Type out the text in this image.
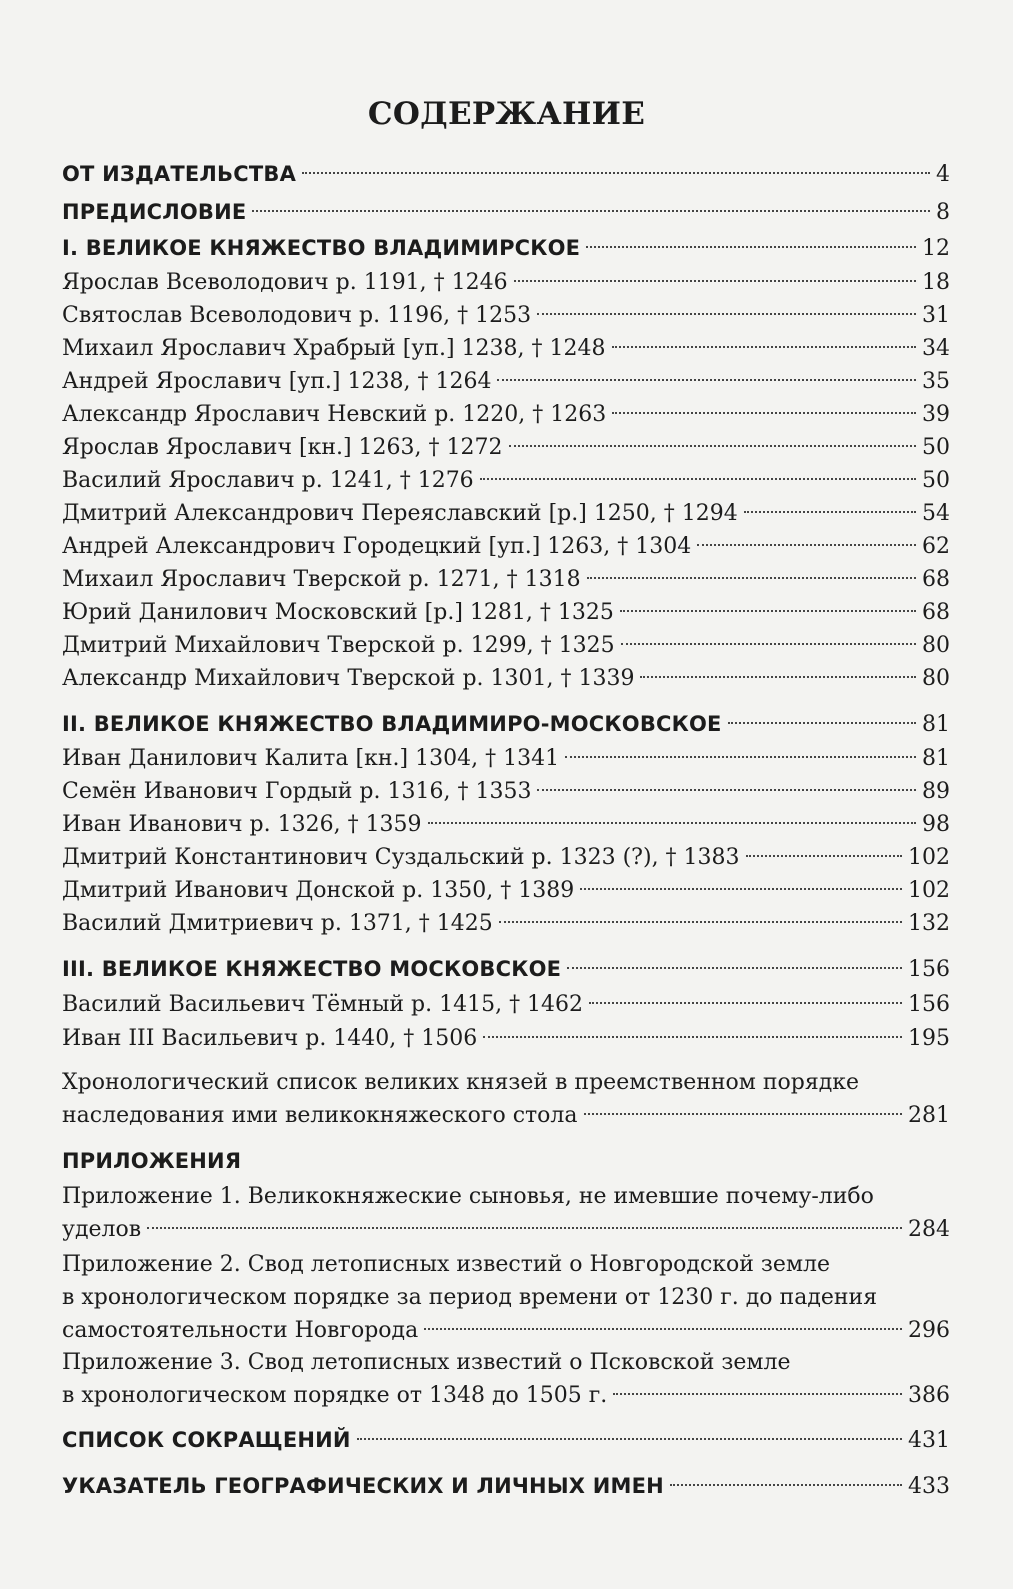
СОДЕРЖАНИЕ
ОТ ИЗДАТЕЛЬСТВА	4
ПРЕДИСЛОВИЕ	8
I. ВЕЛИКОЕ КНЯЖЕСТВО ВЛАДИМИРСКОЕ	12
Ярослав Всеволодович р. 1191, † 1246	18
Святослав Всеволодович р. 1196, † 1253	31
Михаил Ярославич Храбрый [уп.] 1238, † 1248	34
Андрей Ярославич [уп.] 1238, † 1264	35
Александр Ярославич Невский р. 1220, † 1263	39
Ярослав Ярославич [кн.] 1263, † 1272	50
Василий Ярославич р. 1241, † 1276	50
Дмитрий Александрович Переяславский [р.] 1250, † 1294	54
Андрей Александрович Городецкий [уп.] 1263, † 1304	62
Михаил Ярославич Тверской р. 1271, † 1318	68
Юрий Данилович Московский [р.] 1281, † 1325	68
Дмитрий Михайлович Тверской р. 1299, † 1325	80
Александр Михайлович Тверской р. 1301, † 1339	80
II. ВЕЛИКОЕ КНЯЖЕСТВО ВЛАДИМИРО-МОСКОВСКОЕ	81
Иван Данилович Калита [кн.] 1304, † 1341	81
Семён Иванович Гордый р. 1316, † 1353	89
Иван Иванович р. 1326, † 1359	98
Дмитрий Константинович Суздальский р. 1323 (?), † 1383	102
Дмитрий Иванович Донской р. 1350, † 1389	102
Василий Дмитриевич р. 1371, † 1425	132
III. ВЕЛИКОЕ КНЯЖЕСТВО МОСКОВСКОЕ	156
Василий Васильевич Тёмный р. 1415, † 1462	156
Иван III Васильевич р. 1440, † 1506	195
Хронологический список великих князей в преемственном порядке
наследования ими великокняжеского стола	281
ПРИЛОЖЕНИЯ
Приложение 1. Великокняжеские сыновья, не имевшие почему-либо
уделов	284
Приложение 2. Свод летописных известий о Новгородской земле
в хронологическом порядке за период времени от 1230 г. до падения
самостоятельности Новгорода	296
Приложение 3. Свод летописных известий о Псковской земле
в хронологическом порядке от 1348 до 1505 г.	386
СПИСОК СОКРАЩЕНИЙ	431
УКАЗАТЕЛЬ ГЕОГРАФИЧЕСКИХ И ЛИЧНЫХ ИМЕН	433
